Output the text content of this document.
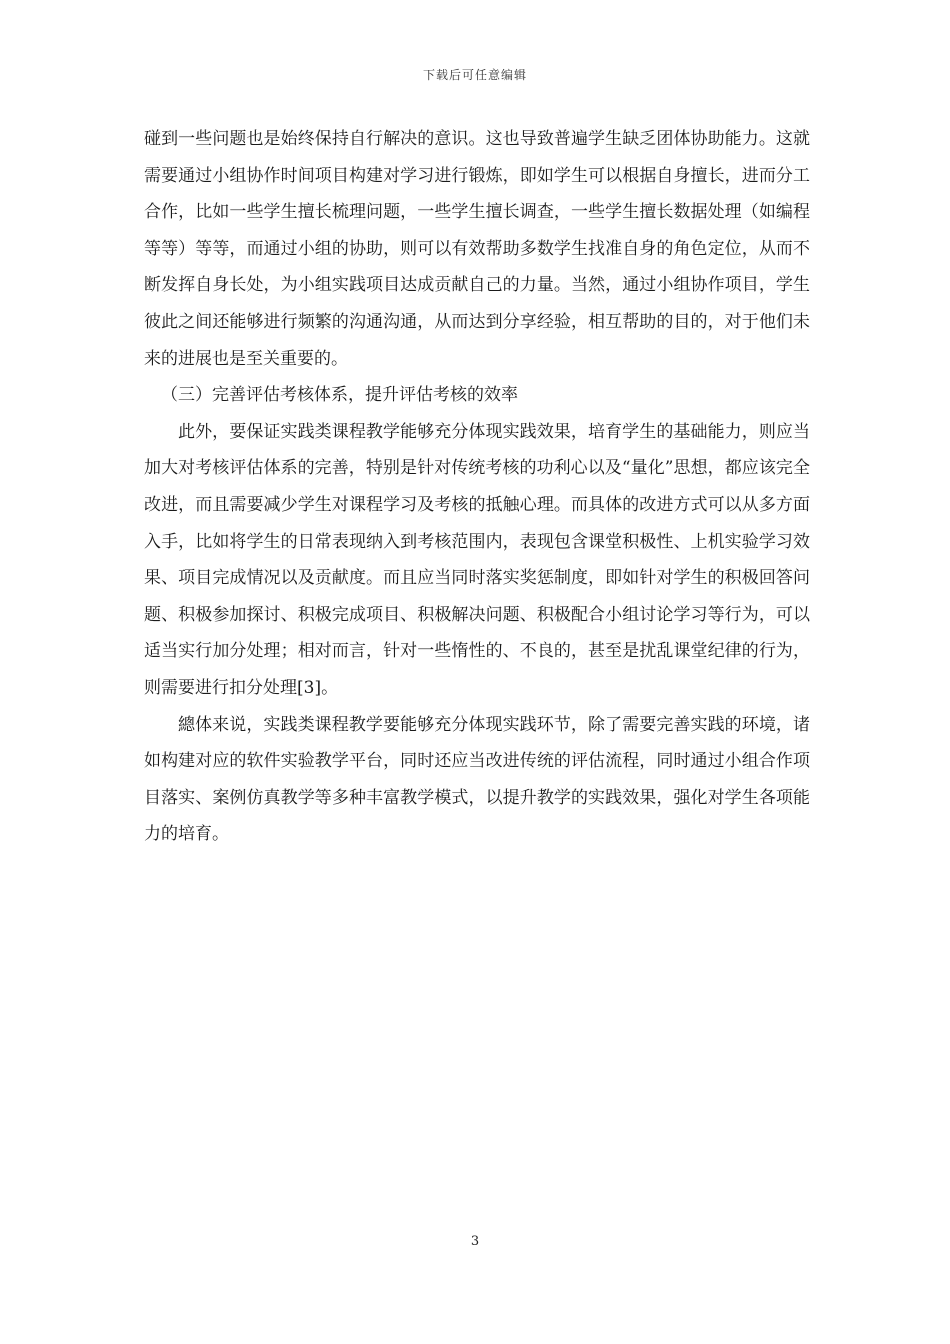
下载后可任意编辑

碰到一些问题也是始终保持自行解决的意识。这也导致普遍学生缺乏团体协助能力。这就需要通过小组协作时间项目构建对学习进行锻炼，即如学生可以根据自身擅长，进而分工合作，比如一些学生擅长梳理问题，一些学生擅长调查，一些学生擅长数据处理（如编程等等）等等，而通过小组的协助，则可以有效帮助多数学生找准自身的角色定位，从而不断发挥自身长处，为小组实践项目达成贡献自己的力量。当然，通过小组协作项目，学生彼此之间还能够进行频繁的沟通沟通，从而达到分享经验，相互帮助的目的，对于他们未来的进展也是至关重要的。

（三）完善评估考核体系，提升评估考核的效率

此外，要保证实践类课程教学能够充分体现实践效果，培育学生的基础能力，则应当加大对考核评估体系的完善，特别是针对传统考核的功利心以及“量化”思想，都应该完全改进，而且需要减少学生对课程学习及考核的抵触心理。而具体的改进方式可以从多方面入手，比如将学生的日常表现纳入到考核范围内，表现包含课堂积极性、上机实验学习效果、项目完成情况以及贡献度。而且应当同时落实奖惩制度，即如针对学生的积极回答问题、积极参加探讨、积极完成项目、积极解决问题、积极配合小组讨论学习等行为，可以适当实行加分处理；相对而言，针对一些惰性的、不良的，甚至是扰乱课堂纪律的行为，则需要进行扣分处理[3]。

總体来说，实践类课程教学要能够充分体现实践环节，除了需要完善实践的环境，诸如构建对应的软件实验教学平台，同时还应当改进传统的评估流程，同时通过小组合作项目落实、案例仿真教学等多种丰富教学模式，以提升教学的实践效果，强化对学生各项能力的培育。

3
